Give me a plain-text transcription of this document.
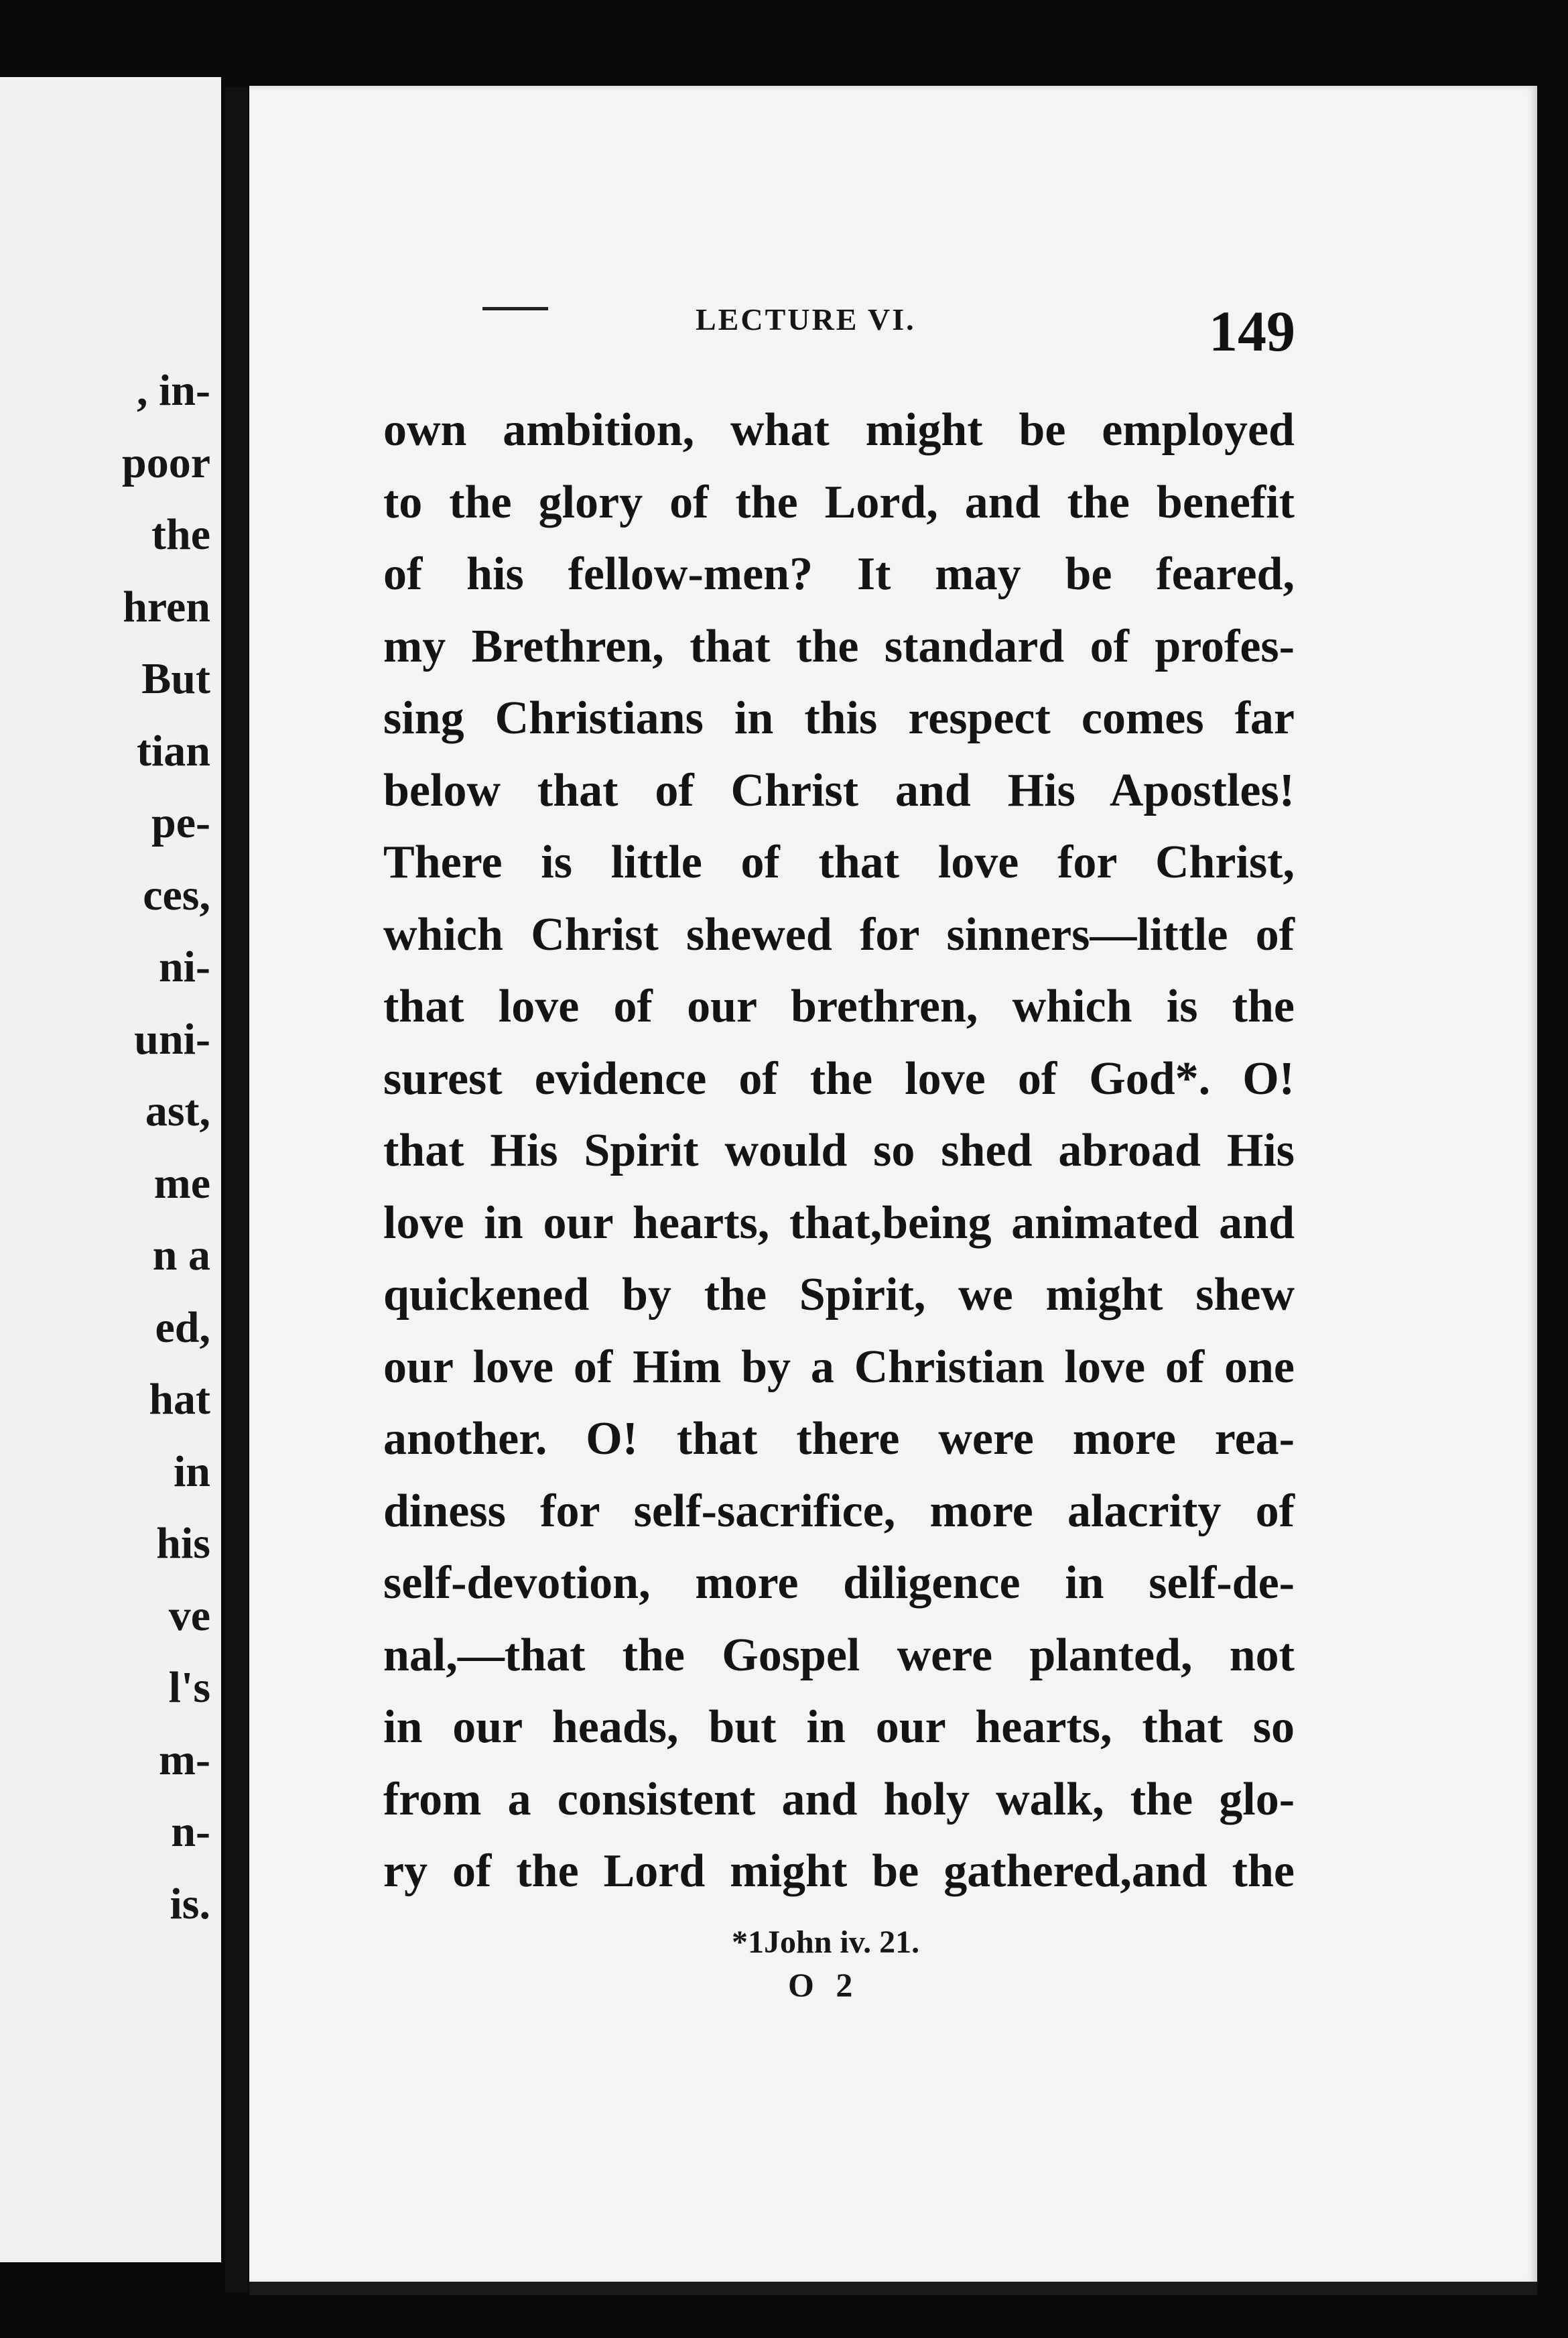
, in-
poor
the
hren
But
tian
pe-
ces,
ni-
uni-
ast,
me
n a
ed,
hat
in
his
ve
l's
m-
n-
is.
LECTURE VI.	149
own ambition, what might be employed
to the glory of the Lord, and the benefit
of his fellow-men? It may be feared,
my Brethren, that the standard of profes-
sing Christians in this respect comes far
below that of Christ and His Apostles!
There is little of that love for Christ,
which Christ shewed for sinners—little of
that love of our brethren, which is the
surest evidence of the love of God*. O!
that His Spirit would so shed abroad His
love in our hearts, that,being animated and
quickened by the Spirit, we might shew
our love of Him by a Christian love of one
another. O! that there were more rea-
diness for self-sacrifice, more alacrity of
self-devotion, more diligence in self-de-
nal,—that the Gospel were planted, not
in our heads, but in our hearts, that so
from a consistent and holy walk, the glo-
ry of the Lord might be gathered,and the
*1John iv. 21.
O 2
